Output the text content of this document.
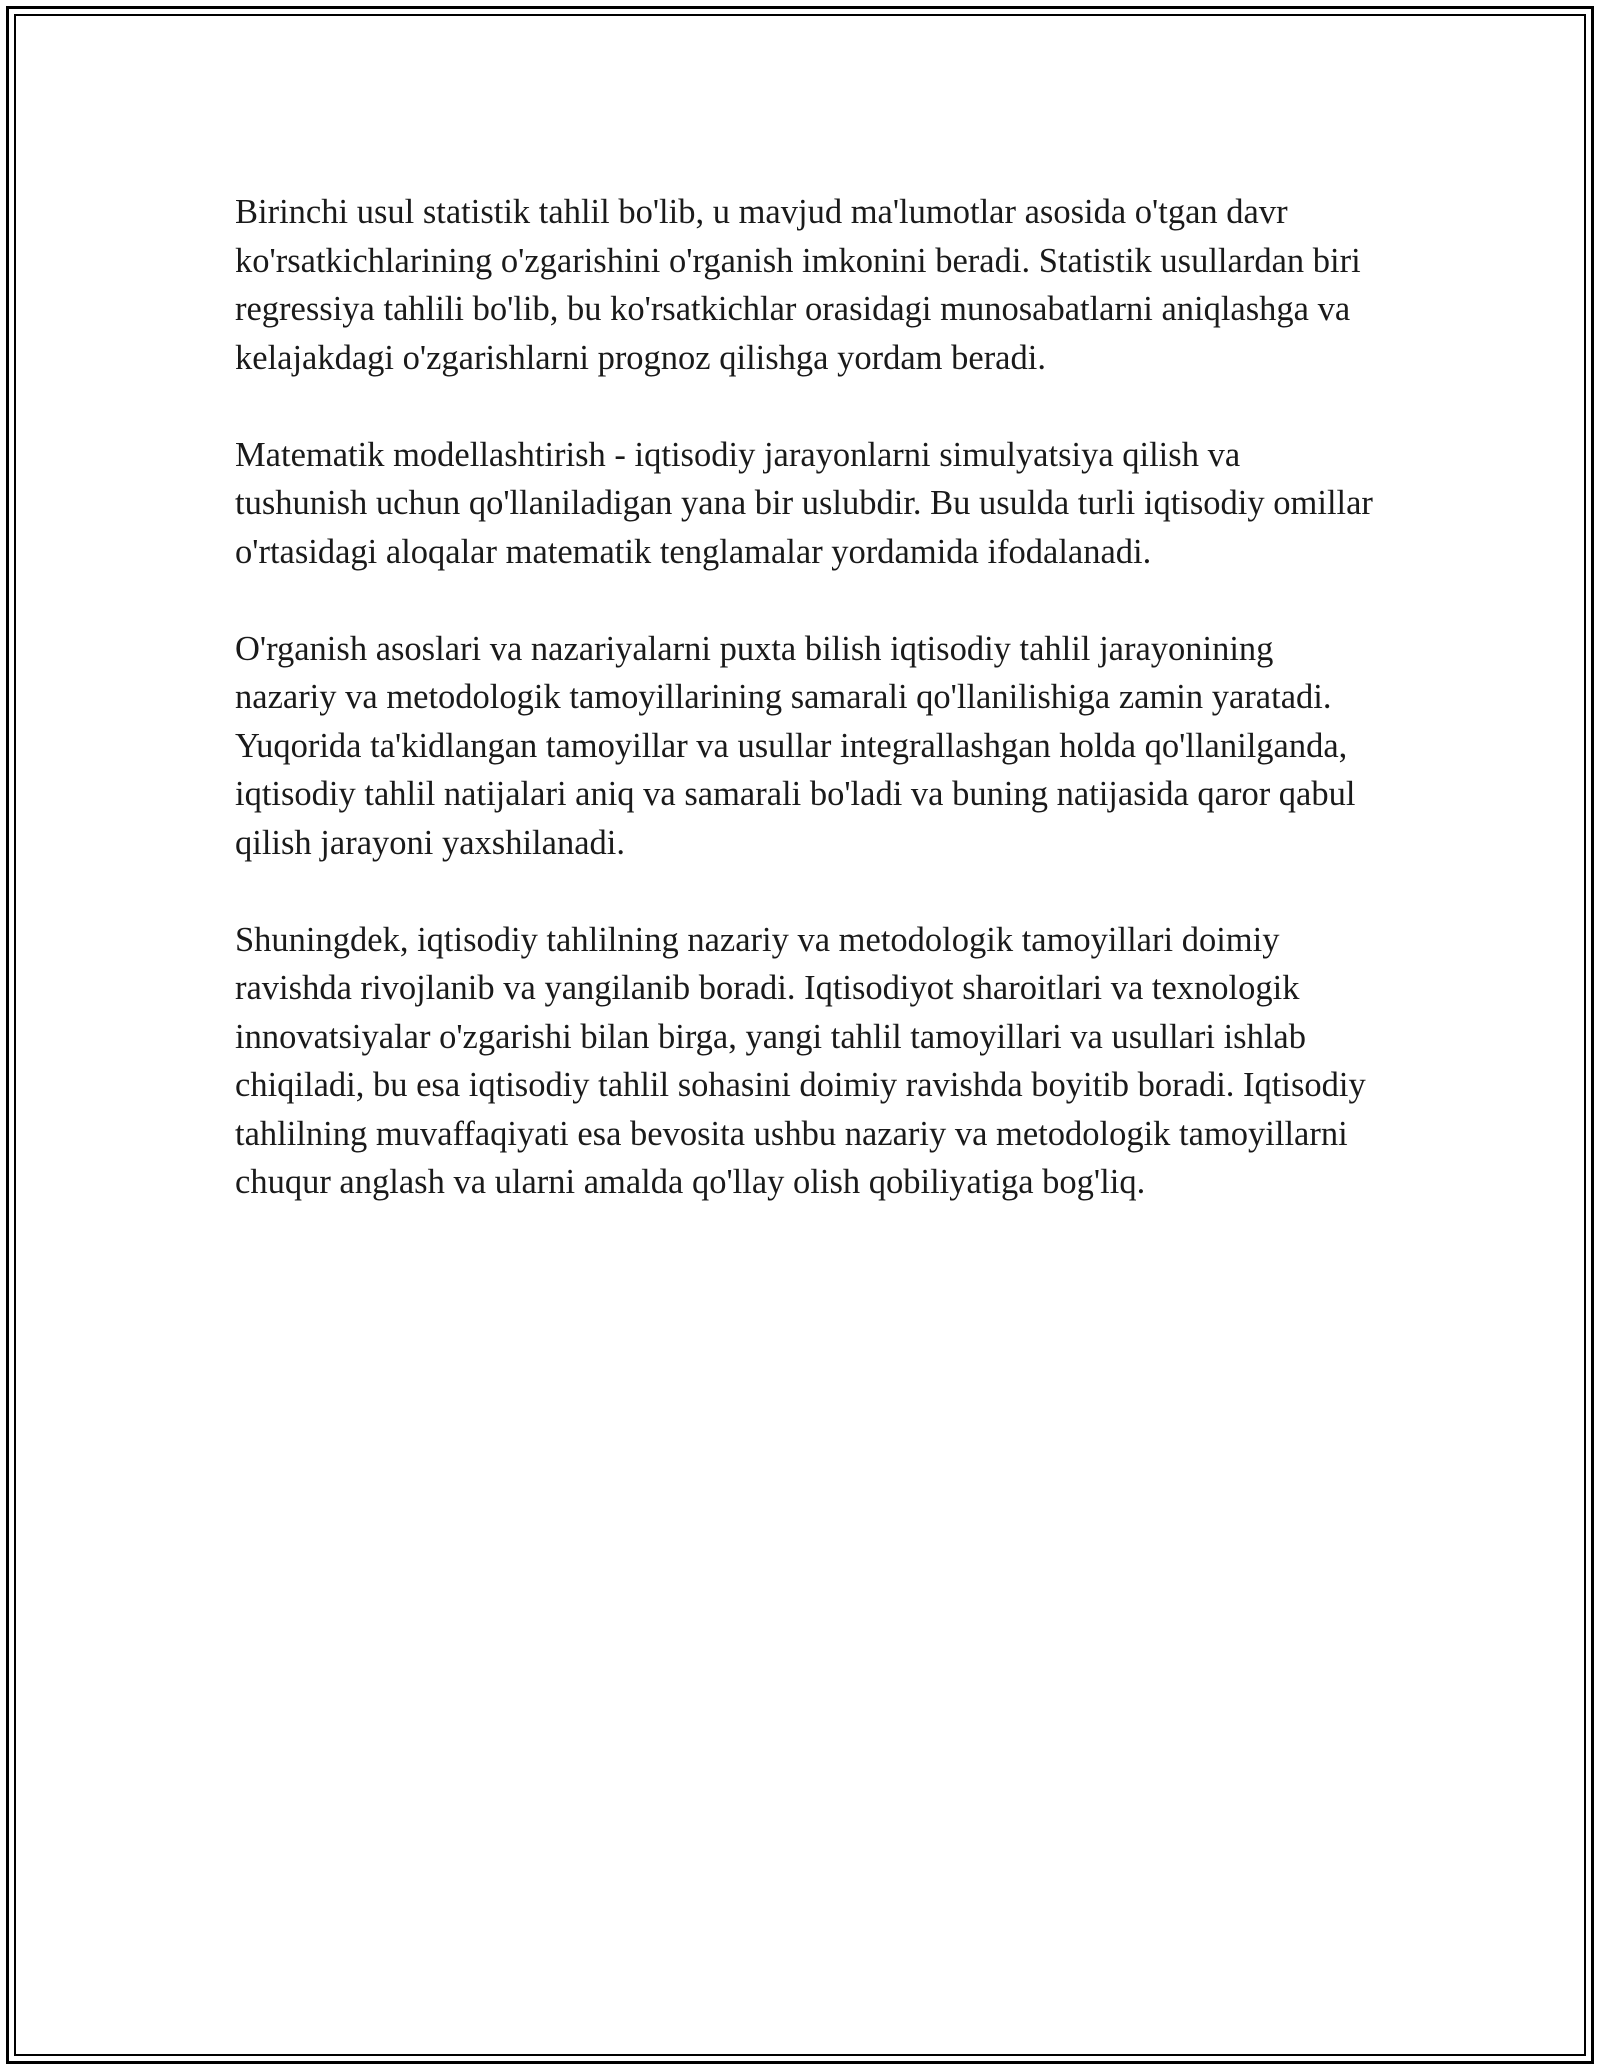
Birinchi usul statistik tahlil bo'lib, u mavjud ma'lumotlar asosida o'tgan davr ko'rsatkichlarining o'zgarishini o'rganish imkonini beradi. Statistik usullardan biri regressiya tahlili bo'lib, bu ko'rsatkichlar orasidagi munosabatlarni aniqlashga va kelajakdagi o'zgarishlarni prognoz qilishga yordam beradi.

Matematik modellashtirish - iqtisodiy jarayonlarni simulyatsiya qilish va tushunish uchun qo'llaniladigan yana bir uslubdir. Bu usulda turli iqtisodiy omillar o'rtasidagi aloqalar matematik tenglamalar yordamida ifodalanadi.

O'rganish asoslari va nazariyalarni puxta bilish iqtisodiy tahlil jarayonining nazariy va metodologik tamoyillarining samarali qo'llanilishiga zamin yaratadi. Yuqorida ta'kidlangan tamoyillar va usullar integrallashgan holda qo'llanilganda, iqtisodiy tahlil natijalari aniq va samarali bo'ladi va buning natijasida qaror qabul qilish jarayoni yaxshilanadi.

Shuningdek, iqtisodiy tahlilning nazariy va metodologik tamoyillari doimiy ravishda rivojlanib va yangilanib boradi. Iqtisodiyot sharoitlari va texnologik innovatsiyalar o'zgarishi bilan birga, yangi tahlil tamoyillari va usullari ishlab chiqiladi, bu esa iqtisodiy tahlil sohasini doimiy ravishda boyitib boradi. Iqtisodiy tahlilning muvaffaqiyati esa bevosita ushbu nazariy va metodologik tamoyillarni chuqur anglash va ularni amalda qo'llay olish qobiliyatiga bog'liq.
